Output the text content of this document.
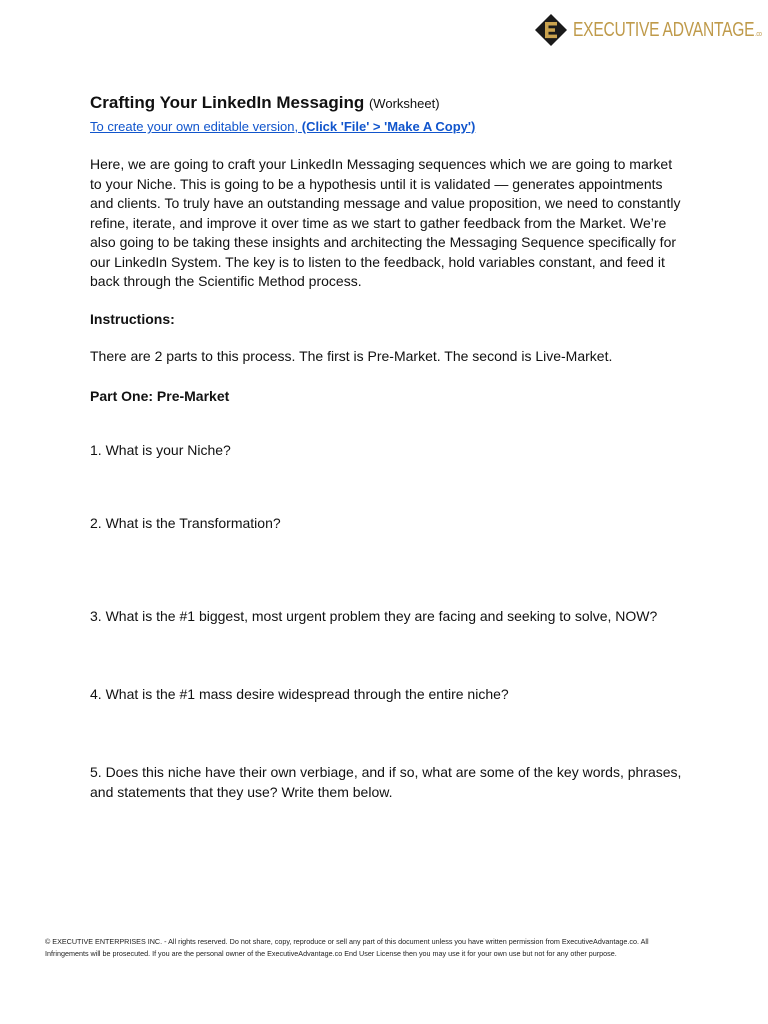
EXECUTIVE ADVANTAGE.co
Crafting Your LinkedIn Messaging (Worksheet)
To create your own editable version, (Click 'File' > 'Make A Copy')

Here, we are going to craft your LinkedIn Messaging sequences which we are going to market to your Niche. This is going to be a hypothesis until it is validated — generates appointments and clients. To truly have an outstanding message and value proposition, we need to constantly refine, iterate, and improve it over time as we start to gather feedback from the Market. We’re also going to be taking these insights and architecting the Messaging Sequence specifically for our LinkedIn System. The key is to listen to the feedback, hold variables constant, and feed it back through the Scientific Method process.

Instructions:
There are 2 parts to this process. The first is Pre-Market. The second is Live-Market.
Part One: Pre-Market
1. What is your Niche?
2. What is the Transformation?
3. What is the #1 biggest, most urgent problem they are facing and seeking to solve, NOW?
4. What is the #1 mass desire widespread through the entire niche?
5. Does this niche have their own verbiage, and if so, what are some of the key words, phrases, and statements that they use? Write them below.
© EXECUTIVE ENTERPRISES INC. - All rights reserved. Do not share, copy, reproduce or sell any part of this document unless you have written permission from ExecutiveAdvantage.co. All Infringements will be prosecuted. If you are the personal owner of the ExecutiveAdvantage.co End User License then you may use it for your own use but not for any other purpose.
